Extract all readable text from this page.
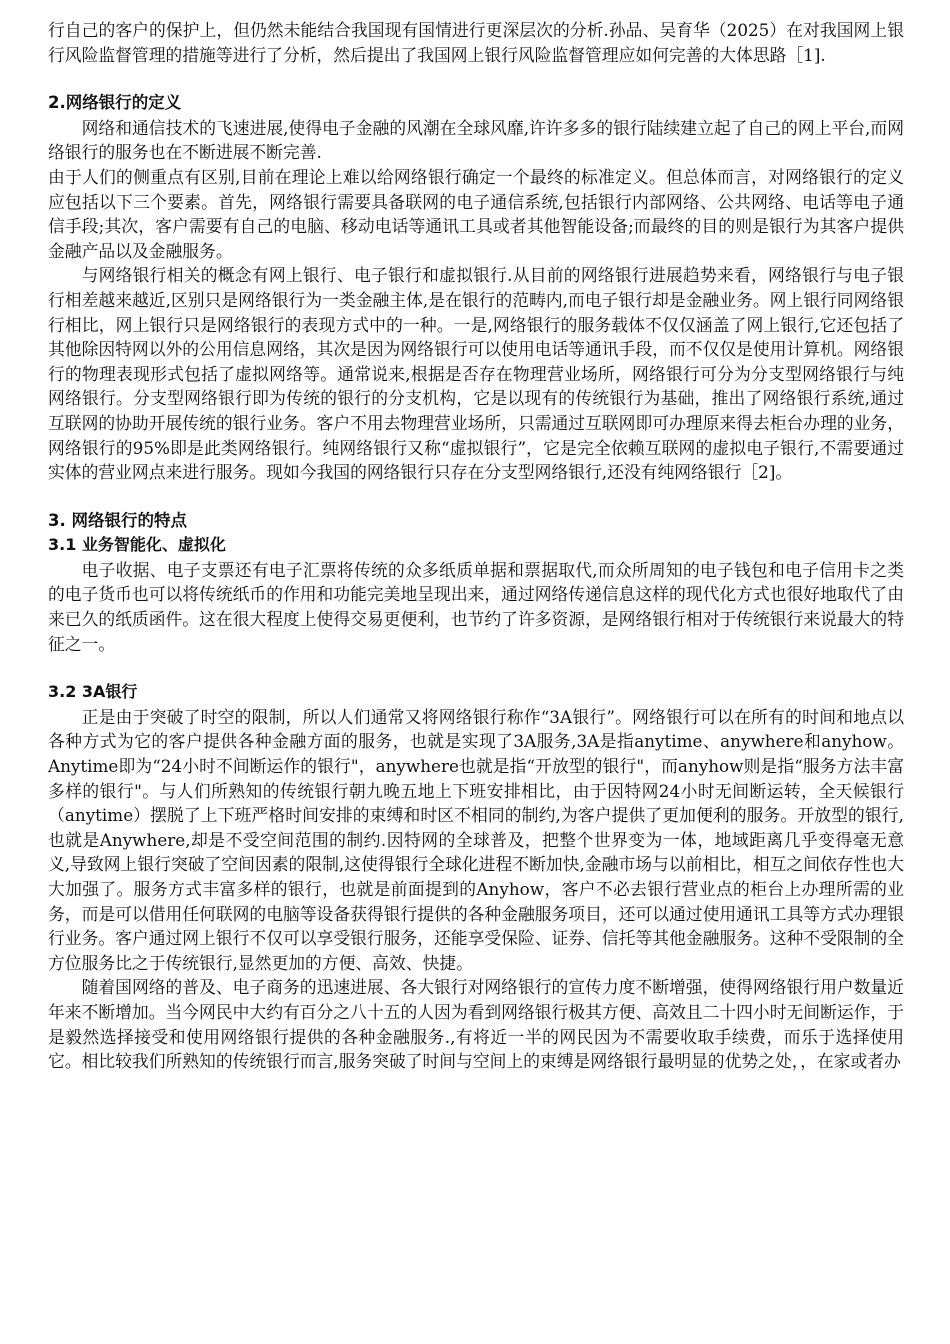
行自己的客户的保护上，但仍然未能结合我国现有国情进行更深层次的分析.孙品、吴育华（2025）在对我国网上银行风险监督管理的措施等进行了分析，然后提出了我国网上银行风险监督管理应如何完善的大体思路［1].

2.网络银行的定义

网络和通信技术的飞速进展,使得电子金融的风潮在全球风靡,许许多多的银行陆续建立起了自己的网上平台,而网络银行的服务也在不断进展不断完善.

由于人们的侧重点有区别,目前在理论上难以给网络银行确定一个最终的标准定义。但总体而言，对网络银行的定义应包括以下三个要素。首先，网络银行需要具备联网的电子通信系统,包括银行内部网络、公共网络、电话等电子通信手段;其次，客户需要有自己的电脑、移动电话等通讯工具或者其他智能设备;而最终的目的则是银行为其客户提供金融产品以及金融服务。

与网络银行相关的概念有网上银行、电子银行和虚拟银行.从目前的网络银行进展趋势来看，网络银行与电子银行相差越来越近,区别只是网络银行为一类金融主体,是在银行的范畴内,而电子银行却是金融业务。网上银行同网络银行相比，网上银行只是网络银行的表现方式中的一种。一是,网络银行的服务载体不仅仅涵盖了网上银行,它还包括了其他除因特网以外的公用信息网络，其次是因为网络银行可以使用电话等通讯手段，而不仅仅是使用计算机。网络银行的物理表现形式包括了虚拟网络等。通常说来,根据是否存在物理营业场所，网络银行可分为分支型网络银行与纯网络银行。分支型网络银行即为传统的银行的分支机构，它是以现有的传统银行为基础，推出了网络银行系统,通过互联网的协助开展传统的银行业务。客户不用去物理营业场所，只需通过互联网即可办理原来得去柜台办理的业务，网络银行的95%即是此类网络银行。纯网络银行又称“虚拟银行”，它是完全依赖互联网的虚拟电子银行,不需要通过实体的营业网点来进行服务。现如今我国的网络银行只存在分支型网络银行,还没有纯网络银行［2]。

3. 网络银行的特点
3.1 业务智能化、虚拟化

电子收据、电子支票还有电子汇票将传统的众多纸质单据和票据取代,而众所周知的电子钱包和电子信用卡之类的电子货币也可以将传统纸币的作用和功能完美地呈现出来，通过网络传递信息这样的现代化方式也很好地取代了由来已久的纸质函件。这在很大程度上使得交易更便利，也节约了许多资源，是网络银行相对于传统银行来说最大的特征之一。

3.2 3A银行

正是由于突破了时空的限制，所以人们通常又将网络银行称作“3A银行”。网络银行可以在所有的时间和地点以各种方式为它的客户提供各种金融方面的服务，也就是实现了3A服务,3A是指anytime、anywhere和anyhow。Anytime即为“24小时不间断运作的银行"，anywhere也就是指“开放型的银行"，而anyhow则是指“服务方法丰富多样的银行"。与人们所熟知的传统银行朝九晚五地上下班安排相比，由于因特网24小时无间断运转，全天候银行（anytime）摆脱了上下班严格时间安排的束缚和时区不相同的制约,为客户提供了更加便利的服务。开放型的银行,也就是Anywhere,却是不受空间范围的制约.因特网的全球普及，把整个世界变为一体，地域距离几乎变得毫无意义,导致网上银行突破了空间因素的限制,这使得银行全球化进程不断加快,金融市场与以前相比，相互之间依存性也大大加强了。服务方式丰富多样的银行，也就是前面提到的Anyhow，客户不必去银行营业点的柜台上办理所需的业务，而是可以借用任何联网的电脑等设备获得银行提供的各种金融服务项目，还可以通过使用通讯工具等方式办理银行业务。客户通过网上银行不仅可以享受银行服务，还能享受保险、证券、信托等其他金融服务。这种不受限制的全方位服务比之于传统银行,显然更加的方便、高效、快捷。

随着国网络的普及、电子商务的迅速进展、各大银行对网络银行的宣传力度不断增强，使得网络银行用户数量近年来不断增加。当今网民中大约有百分之八十五的人因为看到网络银行极其方便、高效且二十四小时无间断运作，于是毅然选择接受和使用网络银行提供的各种金融服务.,有将近一半的网民因为不需要收取手续费，而乐于选择使用它。相比较我们所熟知的传统银行而言,服务突破了时间与空间上的束缚是网络银行最明显的优势之处，，在家或者办
